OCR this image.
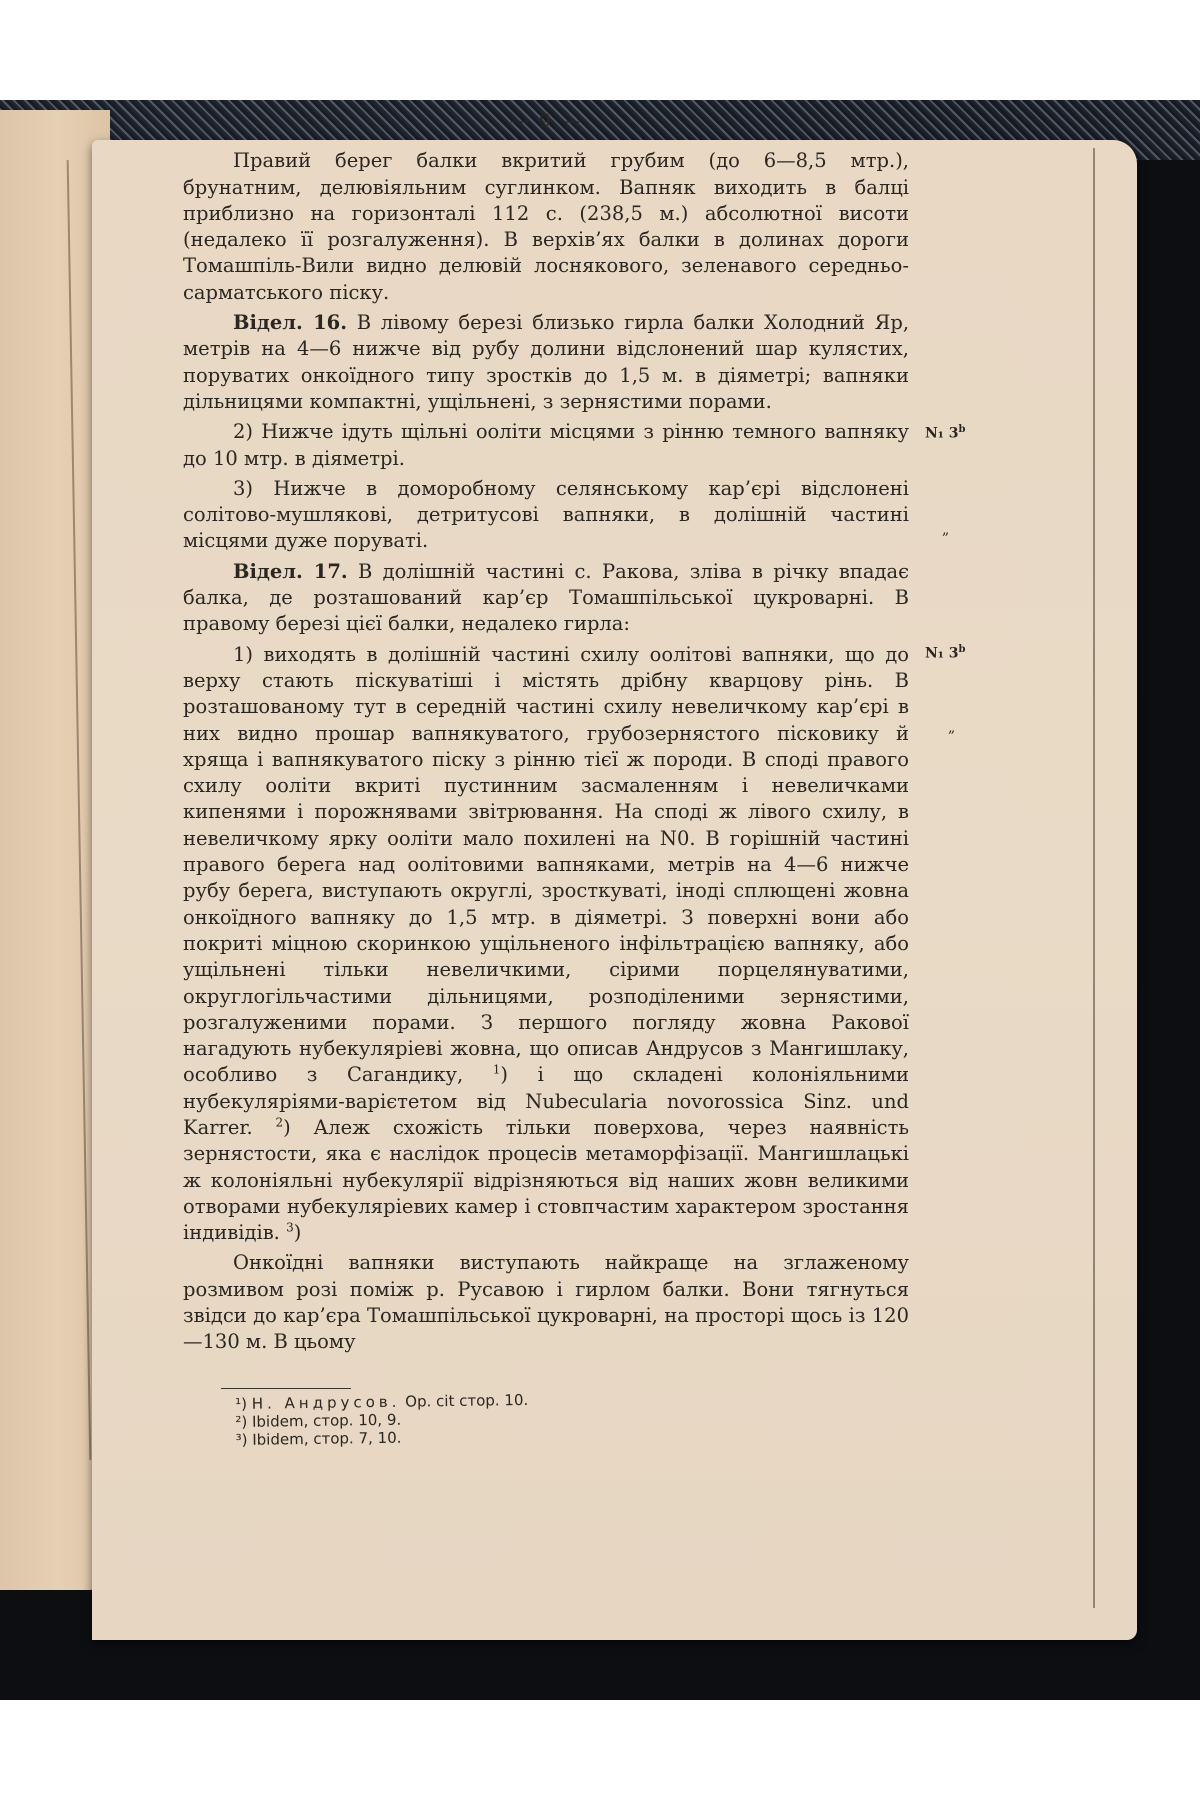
— 9 —

Правий берег балки вкритий грубим (до 6—8,5 мтр.), брунатним, делювіяльним суглинком. Вапняк виходить в балці приблизно на горизонталі 112 с. (238,5 м.) абсолютної висоти (недалеко її розгалуження). В верхів’ях балки в долинах дороги Томашпіль-Вили видно делювій лоснякового, зеленавого середньо-сарматського піску.

Відел. 16. В лівому березі близько гирла балки Холодний Яр, метрів на 4—6 нижче від рубу долини відслонений шар кулястих, поруватих онкоїдного типу зростків до 1,5 м. в діяметрі; вапняки дільницями компактні, ущільнені, з зернястими порами.

2) Нижче ідуть щільні ооліти місцями з рінню темного вапняку до 10 мтр. в діяметрі.

3) Нижче в доморобному селянському кар’єрі відслонені солітово-мушлякові, детритусові вапняки, в долішній частині місцями дуже поруваті.

Відел. 17. В долішній частині с. Ракова, зліва в річку впадає балка, де розташований кар’єр Томашпільської цукроварні. В правому березі цієї балки, недалеко гирла:

1) виходять в долішній частині схилу оолітові вапняки, що до верху стають піскуватіші і містять дрібну кварцову рінь. В розташованому тут в середній частині схилу невеличкому кар’єрі в них видно прошар вапнякуватого, грубозернястого пісковику й хряща і вапнякуватого піску з рінню тієї ж породи. В споді правого схилу ооліти вкриті пустинним засмаленням і невеличками кипенями і порожнявами звітрювання. На споді ж лівого схилу, в невеличкому ярку ооліти мало похилені на N0. В горішній частині правого берега над оолітовими вапняками, метрів на 4—6 нижче рубу берега, виступають округлі, зросткуваті, іноді сплющені жовна онкоїдного вапняку до 1,5 мтр. в діяметрі. З поверхні вони або покриті міцною скоринкою ущільненого інфільтрацією вапняку, або ущільнені тільки невеличкими, сірими порцелянуватими, округлогільчастими дільницями, розподіленими зернястими, розгалуженими порами. З першого погляду жовна Ракової нагадують нубекуляріеві жовна, що описав Андрусов з Мангишлаку, особливо з Сагандику, $^1$) і що складені колоніяльними нубекуляріями-варієтетом від Nubecularia novorossica Sinz. und Karrer. $^2$) Алеж схожість тільки поверхова, через наявність зернястости, яка є наслідок процесів метаморфізації. Мангишлацькі ж колоніяльні нубекулярії відрізняються від наших жовн великими отворами нубекуляріевих камер і стовпчастим характером зростання індивідів. $^3$)

Онкоїдні вапняки виступають найкраще на зглаженому розмивом розі поміж р. Русавою і гирлом балки. Вони тягнуться звідси до кар’єра Томашпільської цукроварні, на просторі щось із 120—130 м. В цьому

¹) Н. Андрусов. Op. cit стор. 10.
²) Ibidem, стор. 10, 9.
³) Ibidem, стор. 7, 10.
N₁ 3$^b$
„
N₁ 3$^b$
„
